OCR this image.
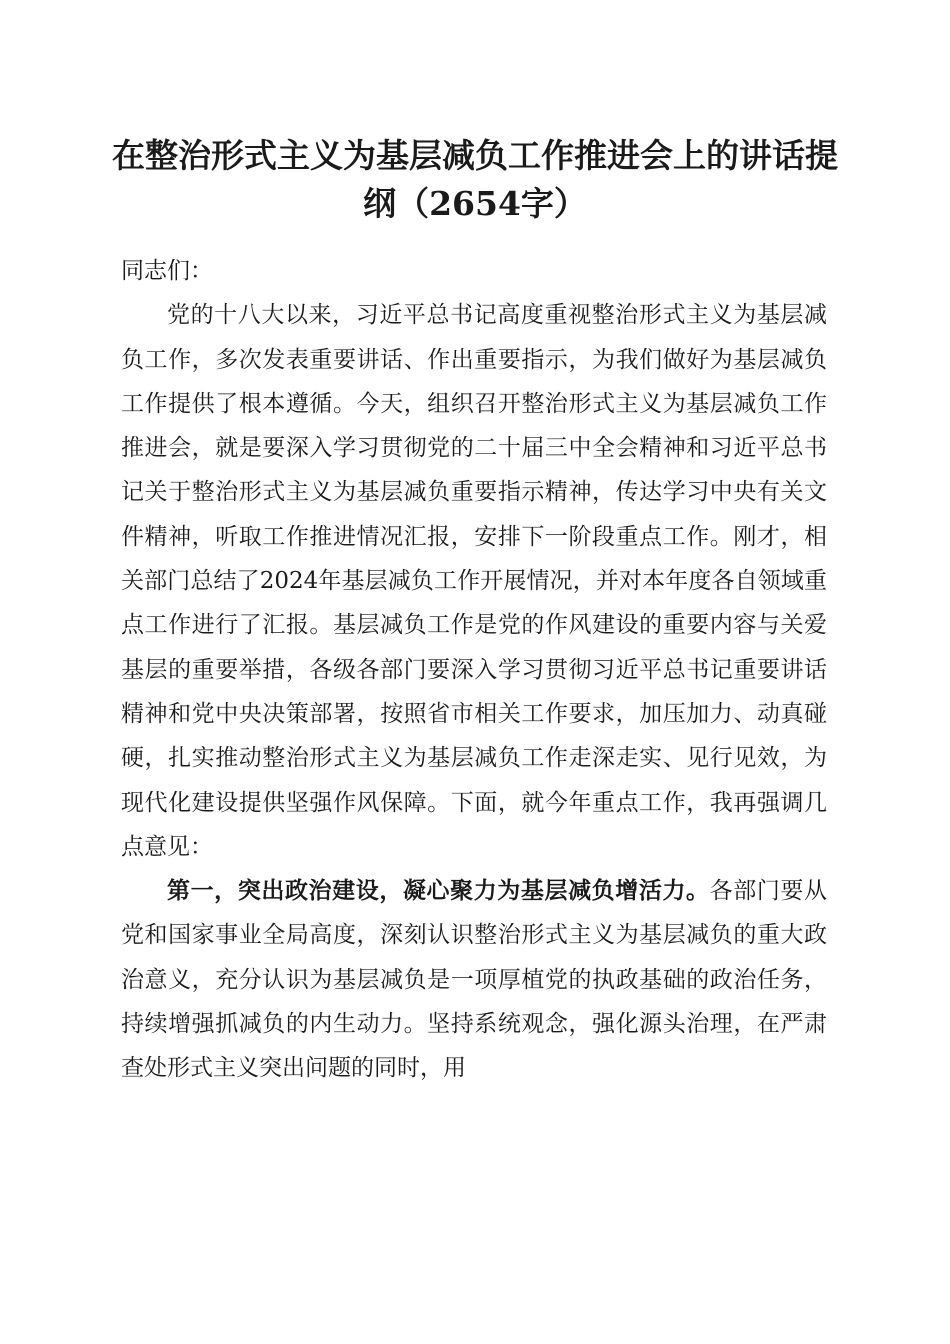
在整治形式主义为基层减负工作推进会上的讲话提纲（2654字）

同志们：

党的十八大以来，习近平总书记高度重视整治形式主义为基层减负工作，多次发表重要讲话、作出重要指示，为我们做好为基层减负工作提供了根本遵循。今天，组织召开整治形式主义为基层减负工作推进会，就是要深入学习贯彻党的二十届三中全会精神和习近平总书记关于整治形式主义为基层减负重要指示精神，传达学习中央有关文件精神，听取工作推进情况汇报，安排下一阶段重点工作。刚才，相关部门总结了2024年基层减负工作开展情况，并对本年度各自领域重点工作进行了汇报。基层减负工作是党的作风建设的重要内容与关爱基层的重要举措，各级各部门要深入学习贯彻习近平总书记重要讲话精神和党中央决策部署，按照省市相关工作要求，加压加力、动真碰硬，扎实推动整治形式主义为基层减负工作走深走实、见行见效，为现代化建设提供坚强作风保障。下面，就今年重点工作，我再强调几点意见：

第一，突出政治建设，凝心聚力为基层减负增活力。各部门要从党和国家事业全局高度，深刻认识整治形式主义为基层减负的重大政治意义，充分认识为基层减负是一项厚植党的执政基础的政治任务，持续增强抓减负的内生动力。坚持系统观念，强化源头治理，在严肃查处形式主义突出问题的同时，用
